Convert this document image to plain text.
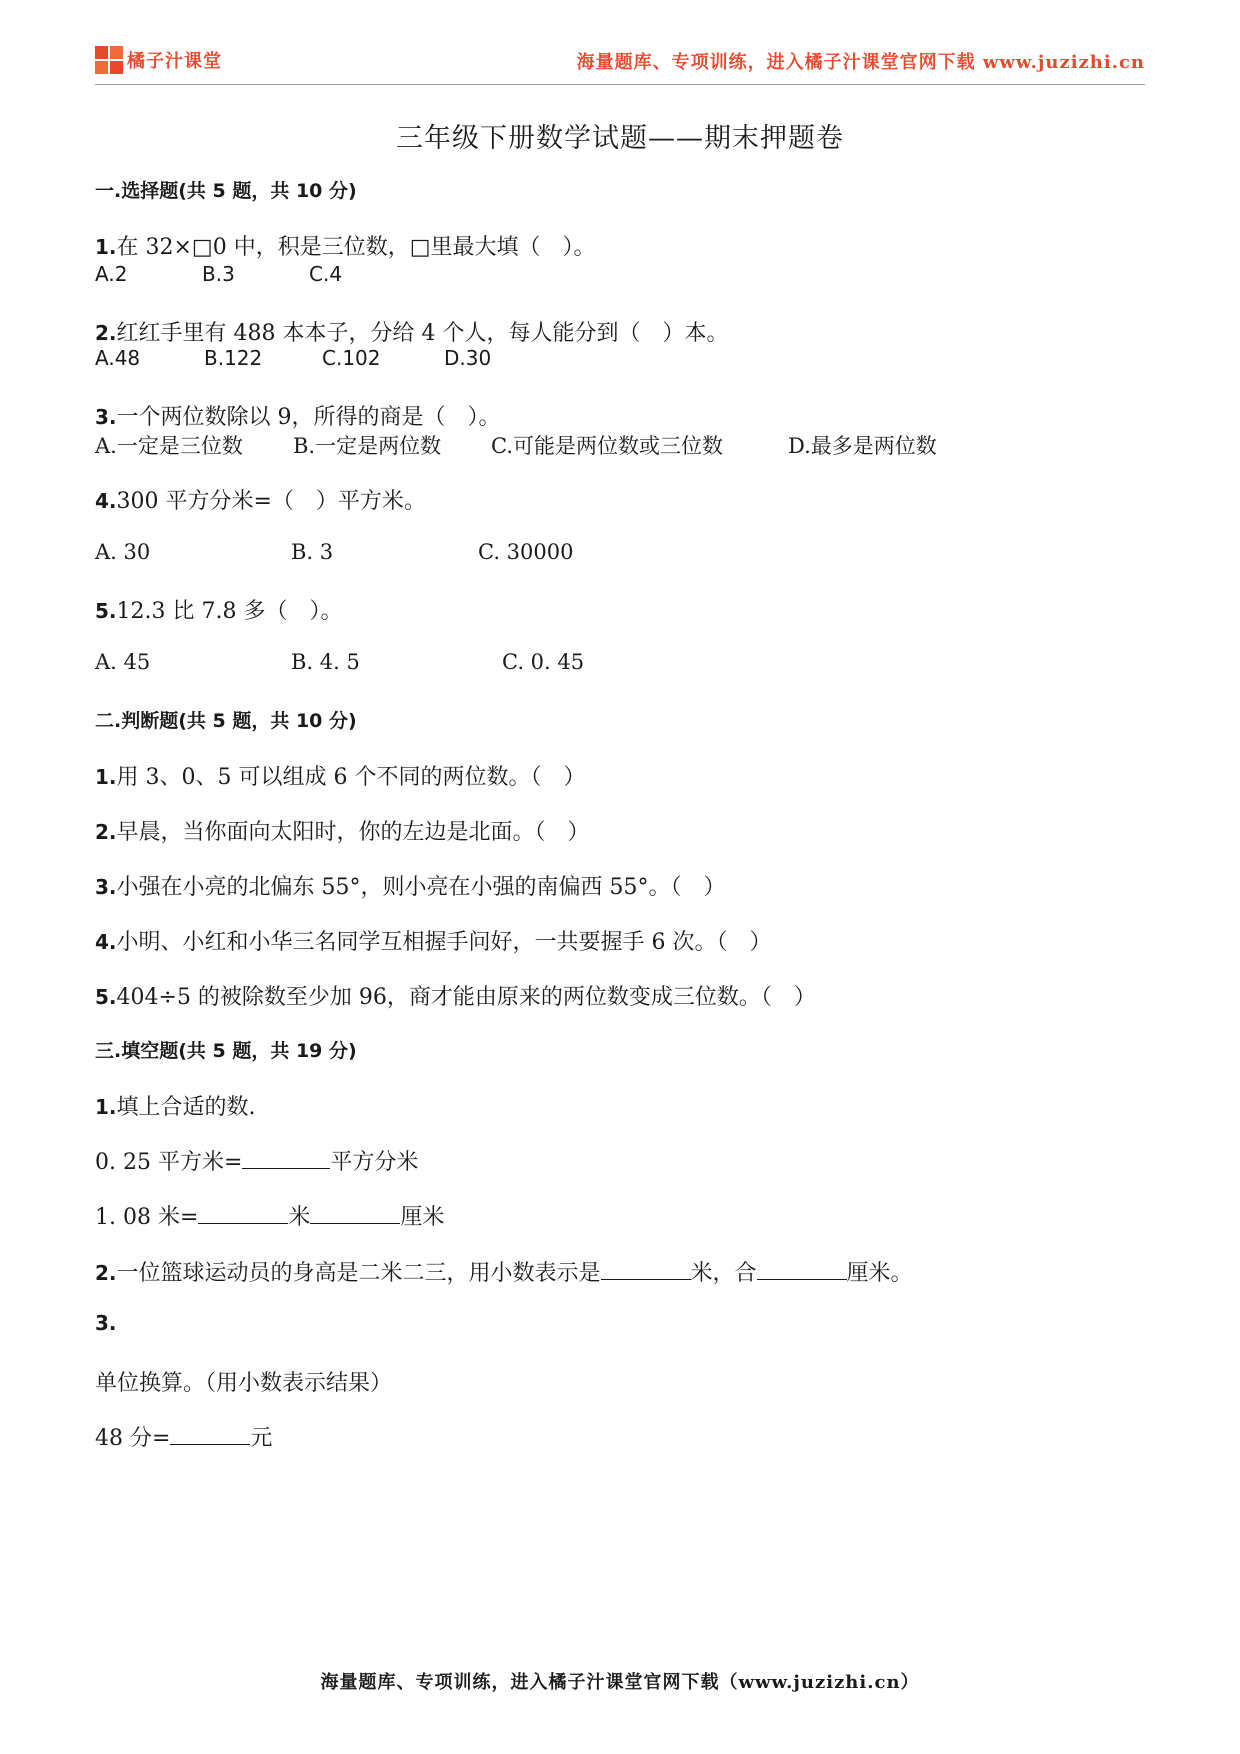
橘子汁课堂	海量题库、专项训练，进入橘子汁课堂官网下载 www.juzizhi.cn
三年级下册数学试题——期末押题卷
一.选择题(共 5 题，共 10 分)
1.在 32×□0 中，积是三位数，□里最大填（　）。
A.2	B.3	C.4
2.红红手里有 488 本本子，分给 4 个人，每人能分到（　）本。
A.48	B.122	C.102	D.30
3.一个两位数除以 9，所得的商是（　）。
A.一定是三位数 B.一定是两位数 C.可能是两位数或三位数	D.最多是两位数
4.300 平方分米=（　）平方米。
A. 30	B. 3	C. 30000
5.12.3 比 7.8 多（　）。
A. 45	B. 4. 5	C. 0. 45
二.判断题(共 5 题，共 10 分)
1.用 3、0、5 可以组成 6 个不同的两位数。（　）
2.早晨，当你面向太阳时，你的左边是北面。（　）
3.小强在小亮的北偏东 55°，则小亮在小强的南偏西 55°。（　）
4.小明、小红和小华三名同学互相握手问好，一共要握手 6 次。（　）
5.404÷5 的被除数至少加 96，商才能由原来的两位数变成三位数。（　）
三.填空题(共 5 题，共 19 分)
1.填上合适的数.
0. 25 平方米=	平方分米
1. 08 米=	米	厘米
2.一位篮球运动员的身高是二米二三，用小数表示是	米，合	厘米。
3.
单位换算。（用小数表示结果）
48 分=	元
海量题库、专项训练，进入橘子汁课堂官网下载（www.juzizhi.cn）
